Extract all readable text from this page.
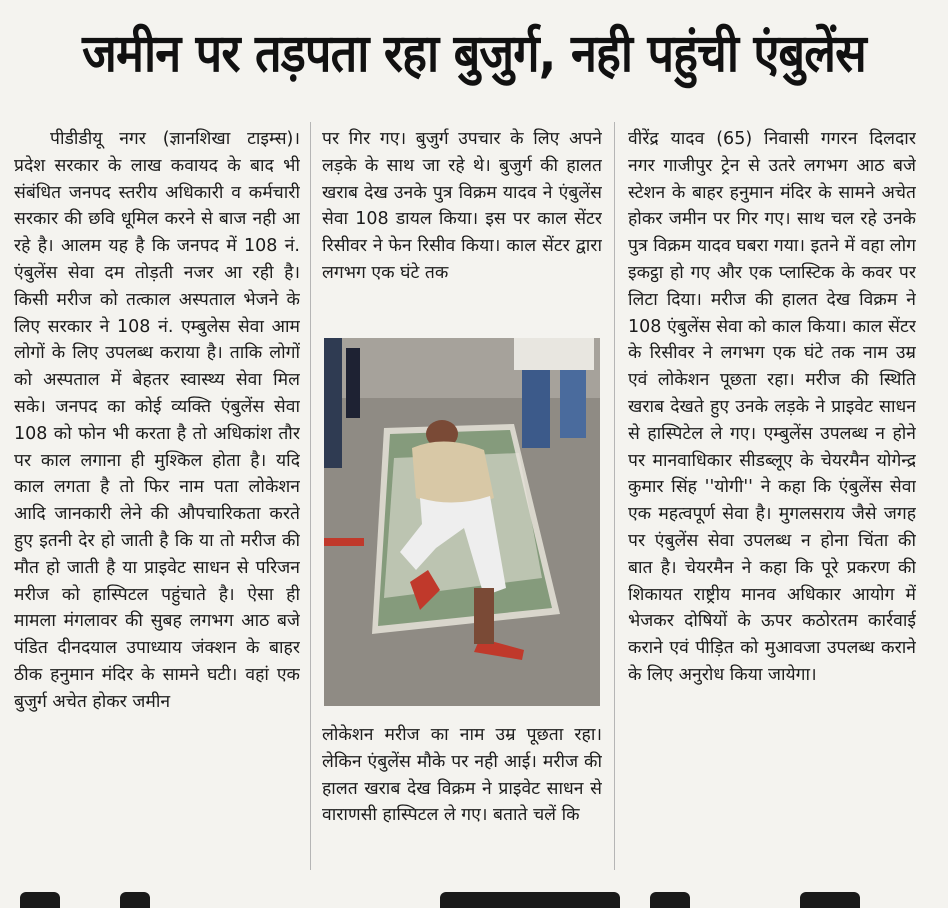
जमीन पर तड़पता रहा बुजुर्ग, नही पहुंची एंबुलेंस

पीडीडीयू नगर (ज्ञानशिखा टाइम्स)। प्रदेश सरकार के लाख कवायद के बाद भी संबंधित जनपद स्तरीय अधिकारी व कर्मचारी सरकार की छवि धूमिल करने से बाज नही आ रहे है। आलम यह है कि जनपद में 108 नं. एंबुलेंस सेवा दम तोड़ती नजर आ रही है। किसी मरीज को तत्काल अस्पताल भेजने के लिए सरकार ने 108 नं. एम्बुलेस सेवा आम लोगों के लिए उपलब्ध कराया है। ताकि लोगों को अस्पताल में बेहतर स्वास्थ्य सेवा मिल सके। जनपद का कोई व्यक्ति एंबुलेंस सेवा 108 को फोन भी करता है तो अधिकांश तौर पर काल लगाना ही मुश्किल होता है। यदि काल लगता है तो फिर नाम पता लोकेशन आदि जानकारी लेने की औपचारिकता करते हुए इतनी देर हो जाती है कि या तो मरीज की मौत हो जाती है या प्राइवेट साधन से परिजन मरीज को हास्पिटल पहुंचाते है। ऐसा ही मामला मंगलावर की सुबह लगभग आठ बजे पंडित दीनदयाल उपाध्याय जंक्शन के बाहर ठीक हनुमान मंदिर के सामने घटी। वहां एक बुजुर्ग अचेत होकर जमीन

पर गिर गए। बुजुर्ग उपचार के लिए अपने लड़के के साथ जा रहे थे। बुजुर्ग की हालत खराब देख उनके पुत्र विक्रम यादव ने एंबुलेंस सेवा 108 डायल किया। इस पर काल सेंटर रिसीवर ने फेन रिसीव किया। काल सेंटर द्वारा लगभग एक घंटे तक

लोकेशन मरीज का नाम उम्र पूछता रहा। लेकिन एंबुलेंस मौके पर नही आई। मरीज की हालत खराब देख विक्रम ने प्राइवेट साधन से वाराणसी हास्पिटल ले गए। बताते चलें कि

वीरेंद्र यादव (65) निवासी गगरन दिलदार नगर गाजीपुर ट्रेन से उतरे लगभग आठ बजे स्टेशन के बाहर हनुमान मंदिर के सामने अचेत होकर जमीन पर गिर गए। साथ चल रहे उनके पुत्र विक्रम यादव घबरा गया। इतने में वहा लोग इकट्ठा हो गए और एक प्लास्टिक के कवर पर लिटा दिया। मरीज की हालत देख विक्रम ने 108 एंबुलेंस सेवा को काल किया। काल सेंटर के रिसीवर ने लगभग एक घंटे तक नाम उम्र एवं लोकेशन पूछता रहा। मरीज की स्थिति खराब देखते हुए उनके लड़के ने प्राइवेट साधन से हास्पिटेल ले गए। एम्बुलेंस उपलब्ध न होने पर मानवाधिकार सीडब्लूए के चेयरमैन योगेन्द्र कुमार सिंह ''योगी'' ने कहा कि एंबुलेंस सेवा एक महत्वपूर्ण सेवा है। मुगलसराय जैसे जगह पर एंबुलेंस सेवा उपलब्ध न होना चिंता की बात है। चेयरमैन ने कहा कि पूरे प्रकरण की शिकायत राष्ट्रीय मानव अधिकार आयोग में भेजकर दोषियों के ऊपर कठोरतम कार्रवाई कराने एवं पीड़ित को मुआवजा उपलब्ध कराने के लिए अनुरोध किया जायेगा।
